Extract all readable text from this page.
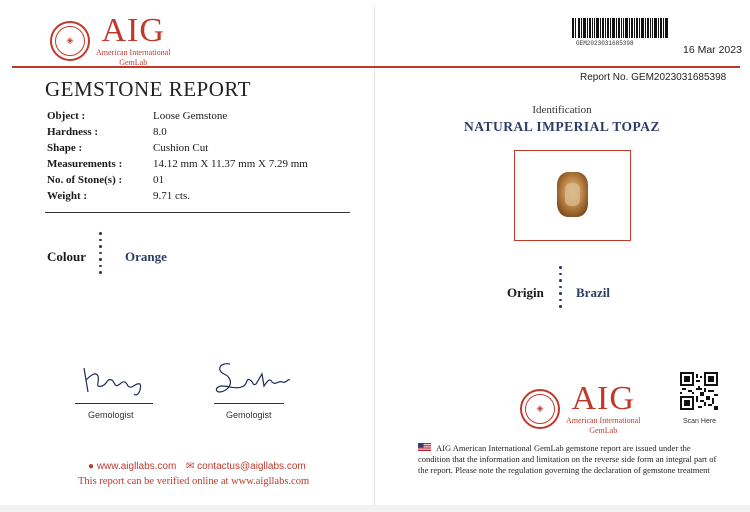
◈ AIG
American International
GemLab
GEMSTONE REPORT
Object :	Loose Gemstone
Hardness :	8.0
Shape :	Cushion Cut
Measurements :	14.12 mm X 11.37 mm X 7.29 mm
No. of Stone(s) :	01
Weight :	9.71 cts.
Colour	Orange
Gemologist	Gemologist
● www.aigllabs.com ✉ contactus@aigllabs.com
This report can be verified online at www.aigllabs.com
GEM2023031685398
16 Mar 2023
Report No. GEM2023031685398
Identification
NATURAL IMPERIAL TOPAZ
Origin Brazil
◈ AIG
American International
GemLab
Scan Here
AIG American International GemLab gemstone report are issued under the condition that the information and limitation on the reverse side form an integral part of the report. Please note the regulation governing the declaration of gemstone treatment
